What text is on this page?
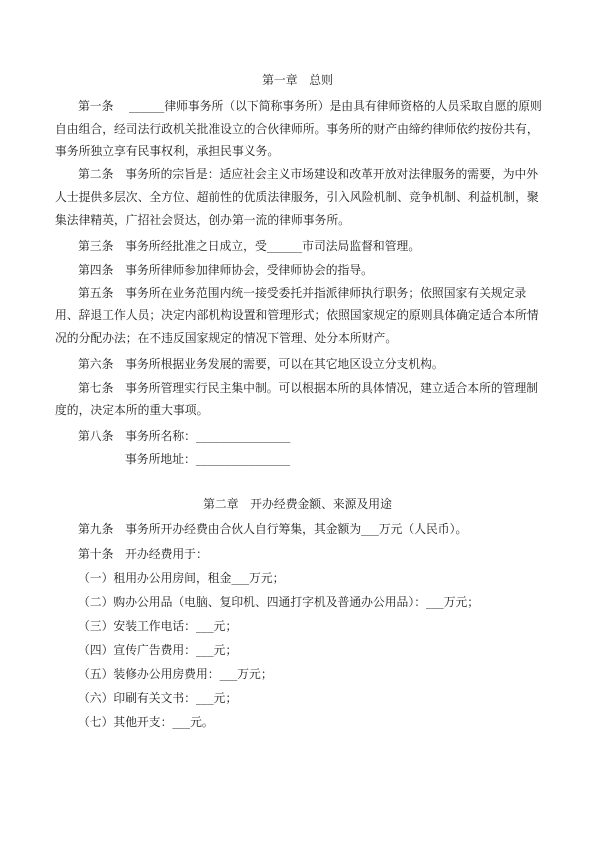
第一章　总则
第一条　 ______律师事务所（以下简称事务所）是由具有律师资格的人员采取自愿的原则
自由组合，经司法行政机关批准设立的合伙律师所。事务所的财产由缔约律师依约按份共有，
事务所独立享有民事权利，承担民事义务。
第二条　事务所的宗旨是：适应社会主义市场建设和改革开放对法律服务的需要，为中外
人士提供多层次、全方位、超前性的优质法律服务，引入风险机制、竞争机制、利益机制，聚
集法律精英，广招社会贤达，创办第一流的律师事务所。
第三条　事务所经批准之日成立，受______市司法局监督和管理。
第四条　事务所律师参加律师协会，受律师协会的指导。
第五条　事务所在业务范围内统一接受委托并指派律师执行职务；依照国家有关规定录
用、辞退工作人员；决定内部机构设置和管理形式；依照国家规定的原则具体确定适合本所情
况的分配办法；在不违反国家规定的情况下管理、处分本所财产。
第六条　事务所根据业务发展的需要，可以在其它地区设立分支机构。
第七条　事务所管理实行民主集中制。可以根据本所的具体情况，建立适合本所的管理制
度的，决定本所的重大事项。
第八条　事务所名称：________________
事务所地址：________________
第二章　开办经费金额、来源及用途
第九条　事务所开办经费由合伙人自行筹集，其金额为___万元（人民币）。
第十条　开办经费用于：
（一）租用办公用房间，租金___万元；
（二）购办公用品（电脑、复印机、四通打字机及普通办公用品）：___万元；
（三）安装工作电话：___元；
（四）宣传广告费用：___元；
（五）装修办公用房费用：___万元；
（六）印刷有关文书：___元；
（七）其他开支：___元。
